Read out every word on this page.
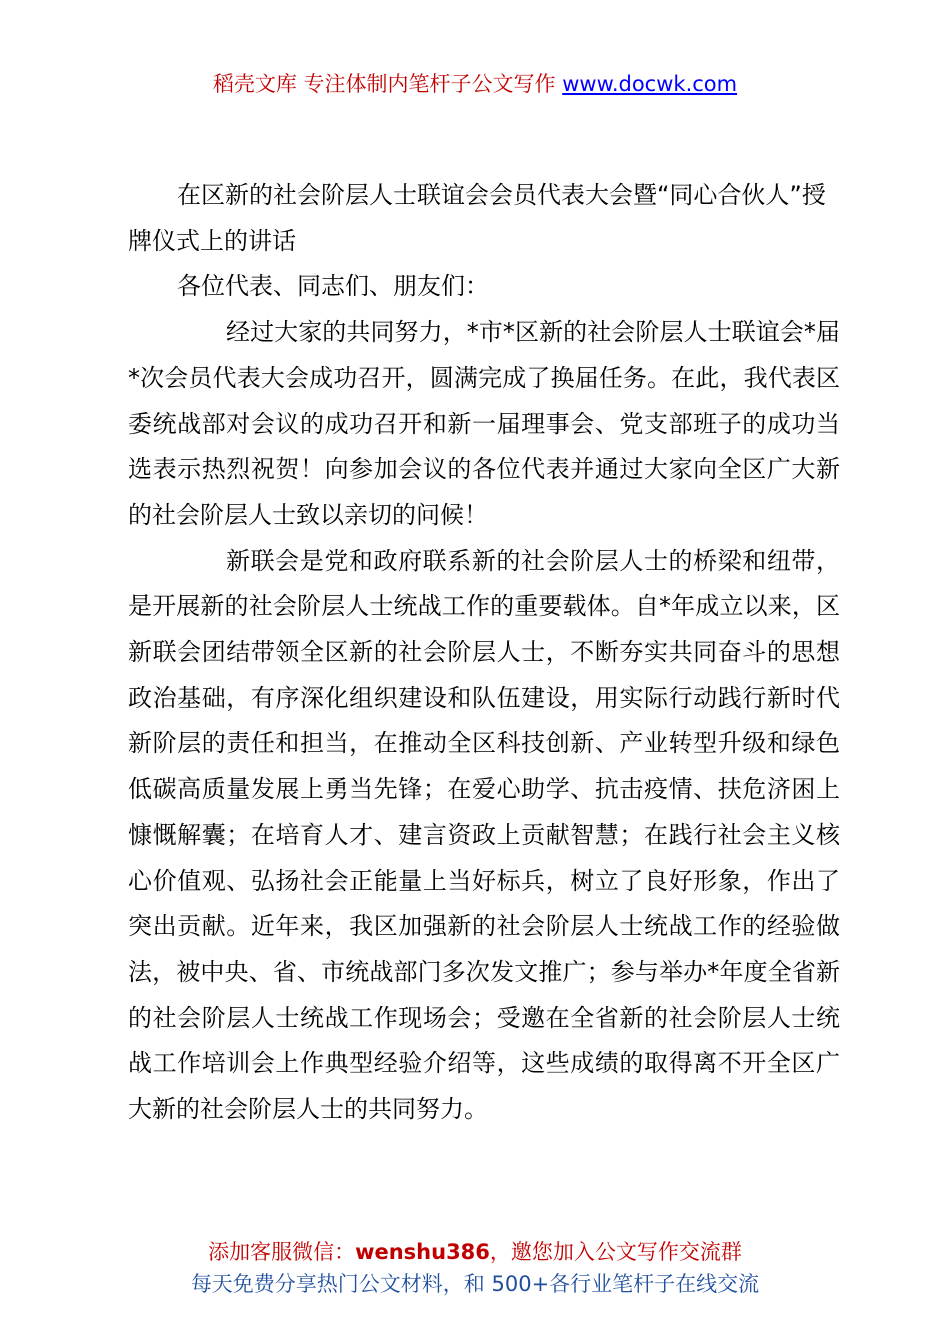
稻壳文库 专注体制内笔杆子公文写作 www.docwk.com

在区新的社会阶层人士联谊会会员代表大会暨“同心合伙人”授牌仪式上的讲话

各位代表、同志们、朋友们：

经过大家的共同努力，*市*区新的社会阶层人士联谊会*届*次会员代表大会成功召开，圆满完成了换届任务。在此，我代表区委统战部对会议的成功召开和新一届理事会、党支部班子的成功当选表示热烈祝贺！向参加会议的各位代表并通过大家向全区广大新的社会阶层人士致以亲切的问候！

新联会是党和政府联系新的社会阶层人士的桥梁和纽带，是开展新的社会阶层人士统战工作的重要载体。自*年成立以来，区新联会团结带领全区新的社会阶层人士，不断夯实共同奋斗的思想政治基础，有序深化组织建设和队伍建设，用实际行动践行新时代新阶层的责任和担当，在推动全区科技创新、产业转型升级和绿色低碳高质量发展上勇当先锋；在爱心助学、抗击疫情、扶危济困上慷慨解囊；在培育人才、建言资政上贡献智慧；在践行社会主义核心价值观、弘扬社会正能量上当好标兵，树立了良好形象，作出了突出贡献。近年来，我区加强新的社会阶层人士统战工作的经验做法，被中央、省、市统战部门多次发文推广；参与举办*年度全省新的社会阶层人士统战工作现场会；受邀在全省新的社会阶层人士统战工作培训会上作典型经验介绍等，这些成绩的取得离不开全区广大新的社会阶层人士的共同努力。

添加客服微信：wenshu386，邀您加入公文写作交流群
每天免费分享热门公文材料，和 500+各行业笔杆子在线交流
